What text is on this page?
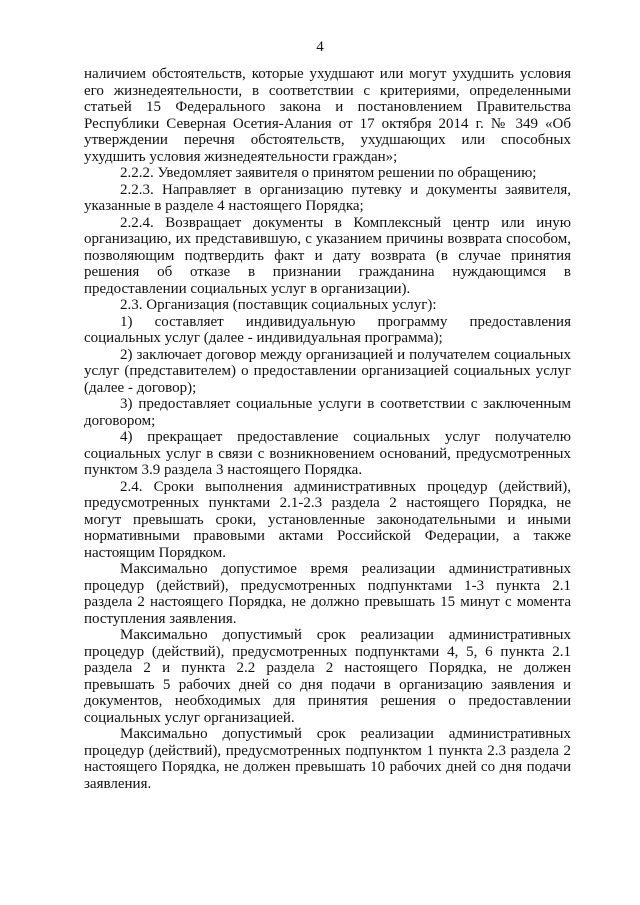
4

наличием обстоятельств, которые ухудшают или могут ухудшить условия его жизнедеятельности, в соответствии с критериями, определенными статьей 15 Федерального закона и постановлением Правительства Республики Северная Осетия-Алания от 17 октября 2014 г. № 349 «Об утверждении перечня обстоятельств, ухудшающих или способных ухудшить условия жизнедеятельности граждан»;

2.2.2. Уведомляет заявителя о принятом решении по обращению;

2.2.3. Направляет в организацию путевку и документы заявителя, указанные в разделе 4 настоящего Порядка;

2.2.4. Возвращает документы в Комплексный центр или иную организацию, их представившую, с указанием причины возврата способом, позволяющим подтвердить факт и дату возврата (в случае принятия решения об отказе в признании гражданина нуждающимся в предоставлении социальных услуг в организации).

2.3. Организация (поставщик социальных услуг):

1) составляет индивидуальную программу предоставления социальных услуг (далее - индивидуальная программа);

2) заключает договор между организацией и получателем социальных услуг (представителем) о предоставлении организацией социальных услуг (далее - договор);

3) предоставляет социальные услуги в соответствии с заключенным договором;

4) прекращает предоставление социальных услуг получателю социальных услуг в связи с возникновением оснований, предусмотренных пунктом 3.9 раздела 3 настоящего Порядка.

2.4. Сроки выполнения административных процедур (действий), предусмотренных пунктами 2.1-2.3 раздела 2 настоящего Порядка, не могут превышать сроки, установленные законодательными и иными нормативными правовыми актами Российской Федерации, а также настоящим Порядком.

Максимально допустимое время реализации административных процедур (действий), предусмотренных подпунктами 1-3 пункта 2.1 раздела 2 настоящего Порядка, не должно превышать 15 минут с момента поступления заявления.

Максимально допустимый срок реализации административных процедур (действий), предусмотренных подпунктами 4, 5, 6 пункта 2.1 раздела 2 и пункта 2.2 раздела 2 настоящего Порядка, не должен превышать 5 рабочих дней со дня подачи в организацию заявления и документов, необходимых для принятия решения о предоставлении социальных услуг организацией.

Максимально допустимый срок реализации административных процедур (действий), предусмотренных подпунктом 1 пункта 2.3 раздела 2 настоящего Порядка, не должен превышать 10 рабочих дней со дня подачи заявления.
